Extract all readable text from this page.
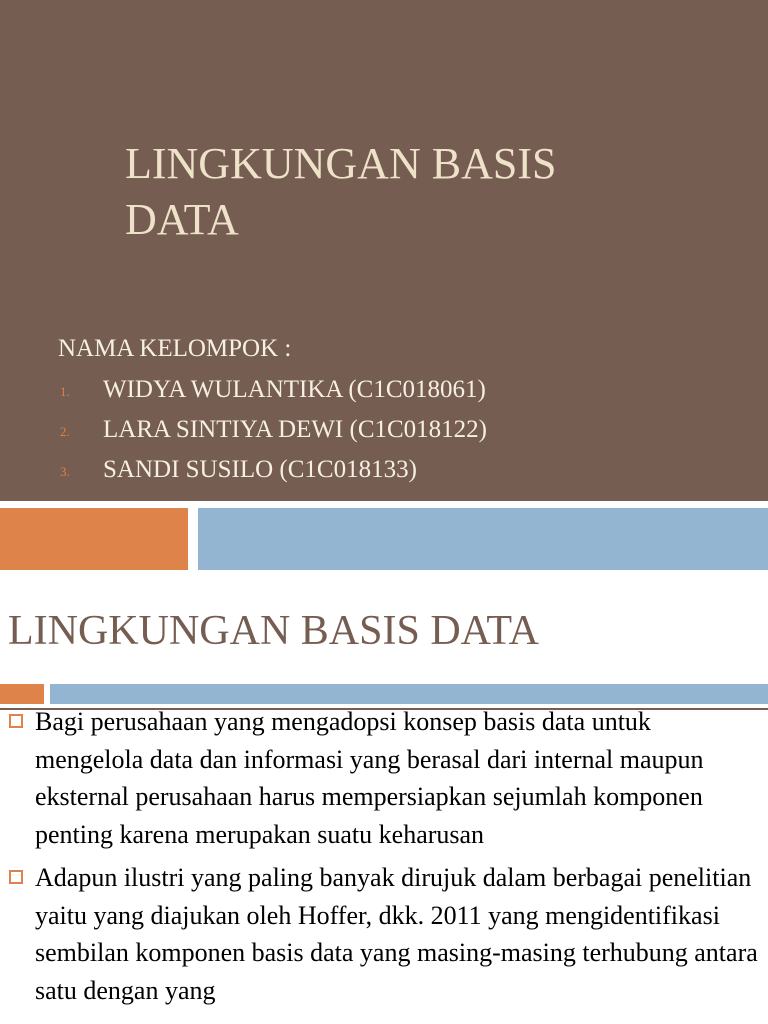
LINGKUNGAN BASIS
DATA

NAMA KELOMPOK :

1. WIDYA WULANTIKA (C1C018061)
2. LARA SINTIYA DEWI (C1C018122)
3. SANDI SUSILO (C1C018133)
LINGKUNGAN BASIS DATA
Bagi perusahaan yang mengadopsi konsep basis data untuk mengelola data dan informasi yang berasal dari internal maupun eksternal perusahaan harus mempersiapkan sejumlah komponen penting karena merupakan suatu keharusan
Adapun ilustri yang paling banyak dirujuk dalam berbagai penelitian yaitu yang diajukan oleh Hoffer, dkk. 2011 yang mengidentifikasi sembilan komponen basis data yang masing-masing terhubung antara satu dengan yang
